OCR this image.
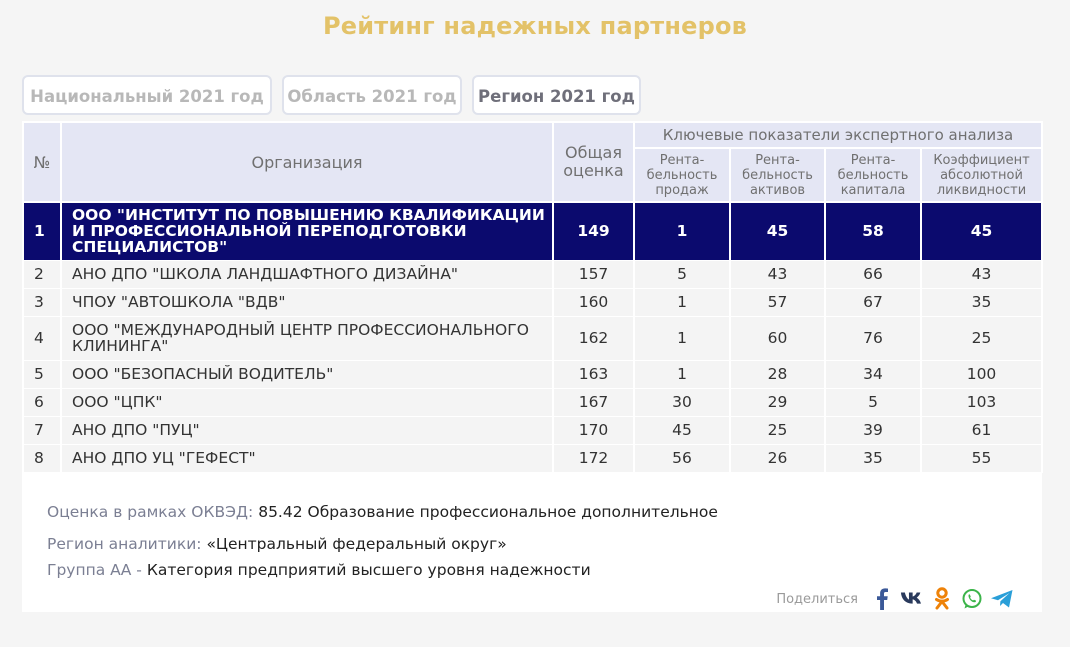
Рейтинг надежных партнеров
Национальный 2021 год	Область 2021 год	Регион 2021 год
№	Организация	Общая оценка	Ключевые показатели экспертного анализа			
			Рента-бельность продаж	Рента-бельность активов	Рента-бельность капитала	Коэффициент абсолютной ликвидности
1	ООО "ИНСТИТУТ ПО ПОВЫШЕНИЮ КВАЛИФИКАЦИИ И ПРОФЕССИОНАЛЬНОЙ ПЕРЕПОДГОТОВКИ СПЕЦИАЛИСТОВ"	149	1	45	58	45
2	АНО ДПО "ШКОЛА ЛАНДШАФТНОГО ДИЗАЙНА"	157	5	43	66	43
3	ЧПОУ "АВТОШКОЛА "ВДВ"	160	1	57	67	35
4	ООО "МЕЖДУНАРОДНЫЙ ЦЕНТР ПРОФЕССИОНАЛЬНОГО КЛИНИНГА"	162	1	60	76	25
5	ООО "БЕЗОПАСНЫЙ ВОДИТЕЛЬ"	163	1	28	34	100
6	ООО "ЦПК"	167	30	29	5	103
7	АНО ДПО "ПУЦ"	170	45	25	39	61
8	АНО ДПО УЦ "ГЕФЕСТ"	172	56	26	35	55
Оценка в рамках ОКВЭД: 85.42 Образование профессиональное дополнительное
Регион аналитики: «Центральный федеральный округ»
Группа АА - Категория предприятий высшего уровня надежности
Поделиться
